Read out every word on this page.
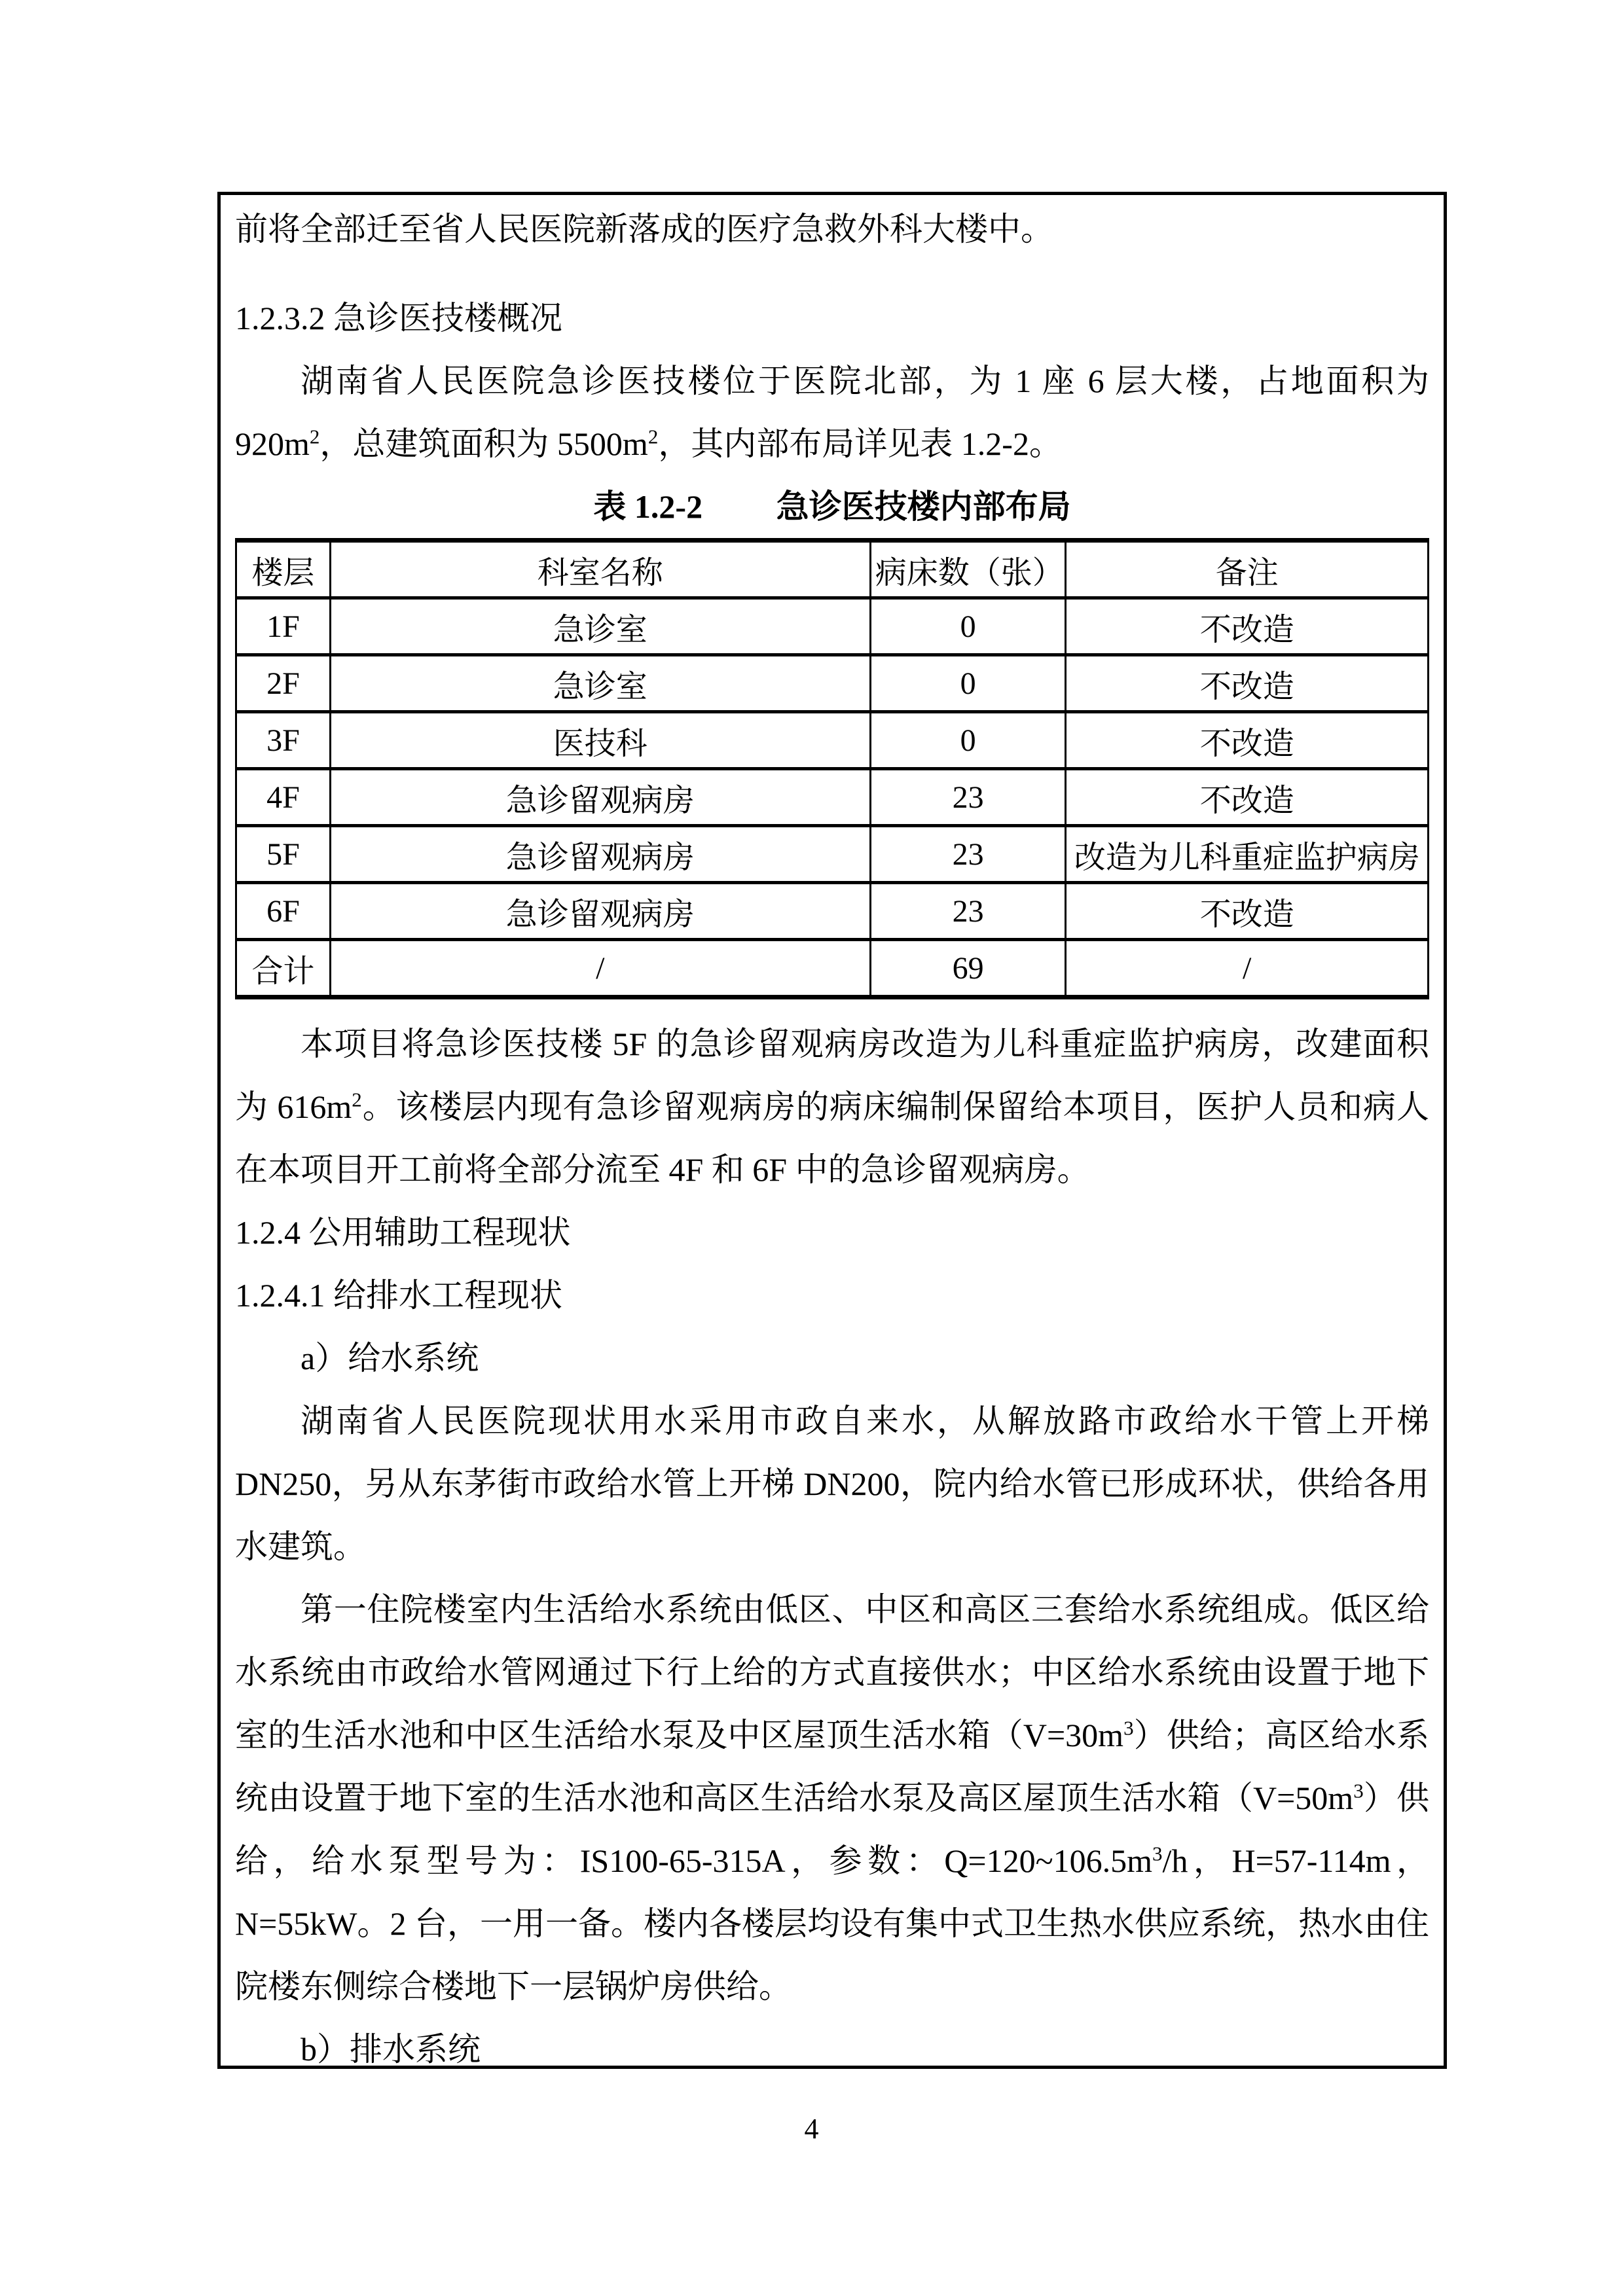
前将全部迁至省人民医院新落成的医疗急救外科大楼中。

1.2.3.2 急诊医技楼概况

湖南省人民医院急诊医技楼位于医院北部，为 1 座 6 层大楼，占地面积为 $920m^2$，总建筑面积为 $5500m^2$，其内部布局详见表 1.2-2。

表 1.2-2 急诊医技楼内部布局

楼层	科室名称	病床数（张）	备注
1F	急诊室	0	不改造
2F	急诊室	0	不改造
3F	医技科	0	不改造
4F	急诊留观病房	23	不改造
5F	急诊留观病房	23	改造为儿科重症监护病房
6F	急诊留观病房	23	不改造
合计	/	69	/

本项目将急诊医技楼 5F 的急诊留观病房改造为儿科重症监护病房，改建面积为 $616m^2$。该楼层内现有急诊留观病房的病床编制保留给本项目，医护人员和病人在本项目开工前将全部分流至 4F 和 6F 中的急诊留观病房。

1.2.4 公用辅助工程现状
1.2.4.1 给排水工程现状

a）给水系统

湖南省人民医院现状用水采用市政自来水，从解放路市政给水干管上开梯 DN250，另从东茅街市政给水管上开梯 DN200，院内给水管已形成环状，供给各用水建筑。

第一住院楼室内生活给水系统由低区、中区和高区三套给水系统组成。低区给水系统由市政给水管网通过下行上给的方式直接供水；中区给水系统由设置于地下室的生活水池和中区生活给水泵及中区屋顶生活水箱$(V=30m^3)$供给；高区给水系统由设置于地下室的生活水池和高区生活给水泵及高区屋顶生活水箱$(V=50m^3)$供给，给水泵型号为：IS100-65-315A，参数：$Q=120\sim 106.5m^3/h$，H=57-114m，N=55kW。2 台，一用一备。楼内各楼层均设有集中式卫生热水供应系统，热水由住院楼东侧综合楼地下一层锅炉房供给。

b）排水系统

4
